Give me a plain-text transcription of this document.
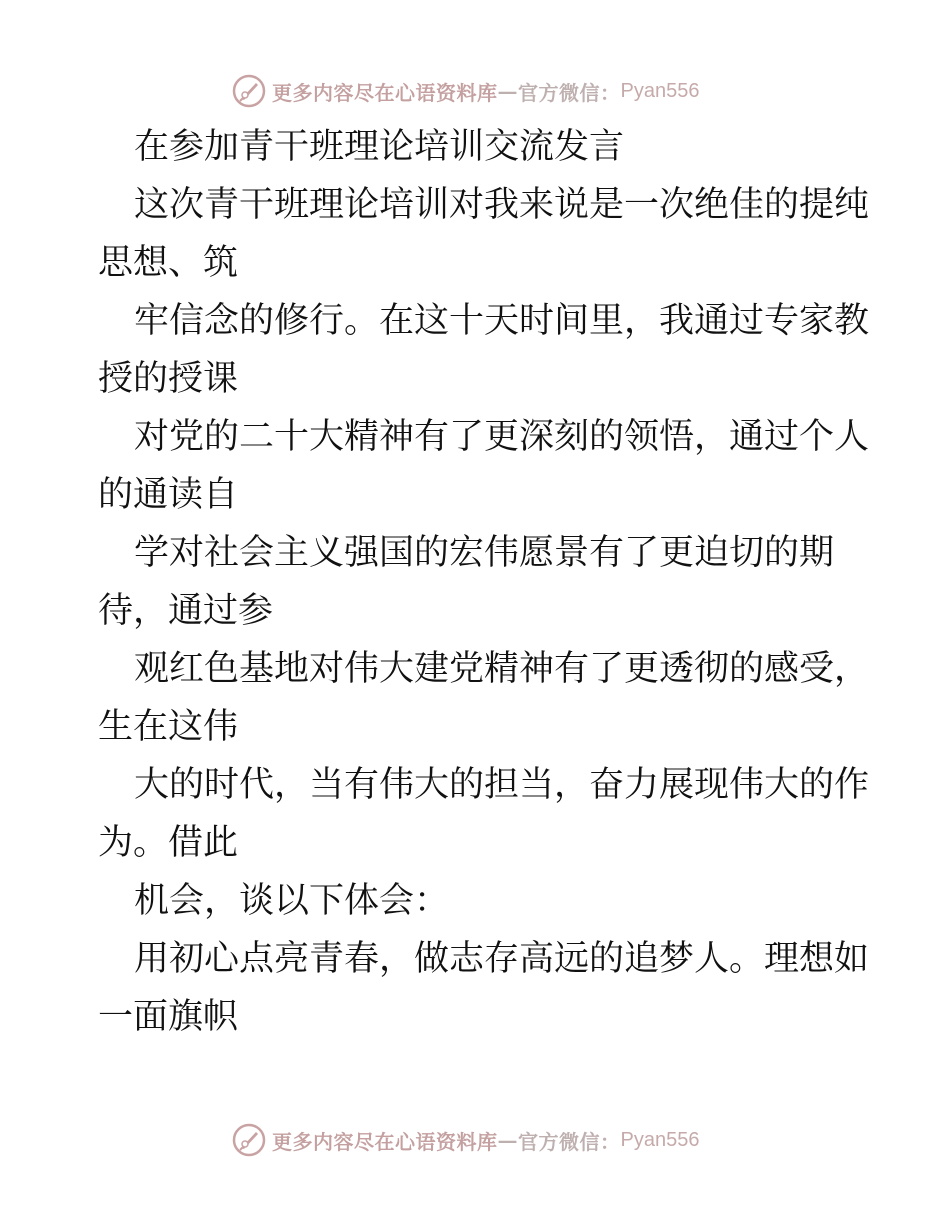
更多内容尽在心语资料库 — 官方微信： Pyan556
在参加青干班理论培训交流发言
这次青干班理论培训对我来说是一次绝佳的提纯
思想、筑
牢信念的修行。在这十天时间里，我通过专家教
授的授课
对党的二十大精神有了更深刻的领悟，通过个人
的通读自
学对社会主义强国的宏伟愿景有了更迫切的期
待，通过参
观红色基地对伟大建党精神有了更透彻的感受，
生在这伟
大的时代，当有伟大的担当，奋力展现伟大的作
为。借此
机会，谈以下体会：
用初心点亮青春，做志存高远的追梦人。理想如
一面旗帜
更多内容尽在心语资料库 — 官方微信： Pyan556
